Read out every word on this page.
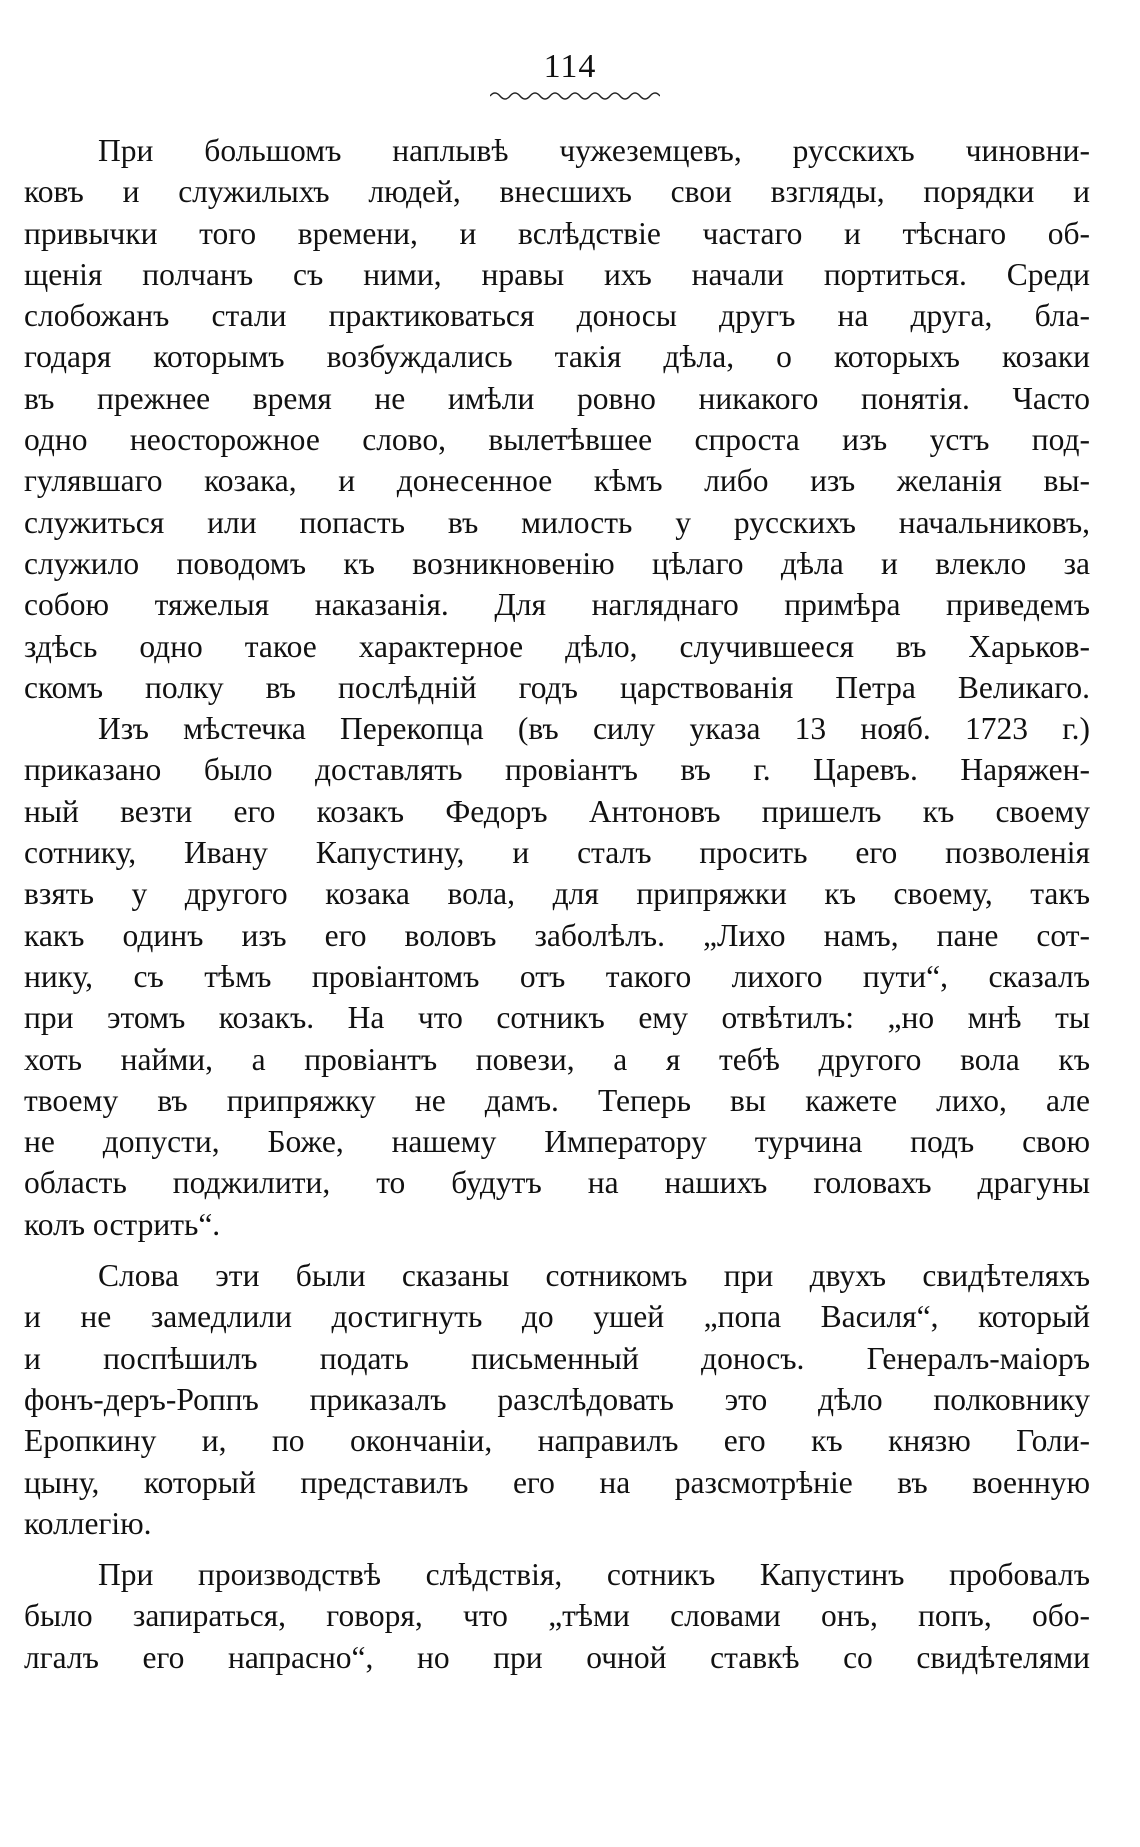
114
При большомъ наплывѣ чужеземцевъ, русскихъ чиновни-
ковъ и служилыхъ людей, внесшихъ свои взгляды, порядки и
привычки того времени, и вслѣдствіе частаго и тѣснаго об-
щенія полчанъ съ ними, нравы ихъ начали портиться. Среди
слобожанъ стали практиковаться доносы другъ на друга, бла-
годаря которымъ возбуждались такія дѣла, о которыхъ козаки
въ прежнее время не имѣли ровно никакого понятія. Часто
одно неосторожное слово, вылетѣвшее спроста изъ устъ под-
гулявшаго козака, и донесенное кѣмъ либо изъ желанія вы-
служиться или попасть въ милость у русскихъ начальниковъ,
служило поводомъ къ возникновенію цѣлаго дѣла и влекло за
собою тяжелыя наказанія. Для нагляднаго примѣра приведемъ
здѣсь одно такое характерное дѣло, случившееся въ Харьков-
скомъ полку въ послѣдній годъ царствованія Петра Великаго.
Изъ мѣстечка Перекопца (въ силу указа 13 нояб. 1723 г.)
приказано было доставлять провіантъ въ г. Царевъ. Наряжен-
ный везти его козакъ Федоръ Антоновъ пришелъ къ своему
сотнику, Ивану Капустину, и сталъ просить его позволенія
взять у другого козака вола, для припряжки къ своему, такъ
какъ одинъ изъ его воловъ заболѣлъ. „Лихо намъ, пане сот-
нику, съ тѣмъ провіантомъ отъ такого лихого пути“, сказалъ
при этомъ козакъ. На что сотникъ ему отвѣтилъ: „но мнѣ ты
хоть найми, а провіантъ повези, а я тебѣ другого вола къ
твоему въ припряжку не дамъ. Теперь вы кажете лихо, але
не допусти, Боже, нашему Императору турчина подъ свою
область поджилити, то будутъ на нашихъ головахъ драгуны
колъ острить“.
Слова эти были сказаны сотникомъ при двухъ свидѣтеляхъ
и не замедлили достигнуть до ушей „попа Василя“, который
и поспѣшилъ подать письменный доносъ. Генералъ-маіоръ
фонъ-деръ-Роппъ приказалъ разслѣдовать это дѣло полковнику
Еропкину и, по окончаніи, направилъ его къ князю Голи-
цыну, который представилъ его на разсмотрѣніе въ военную
коллегію.
При производствѣ слѣдствія, сотникъ Капустинъ пробовалъ
было запираться, говоря, что „тѣми словами онъ, попъ, обо-
лгалъ его напрасно“, но при очной ставкѣ со свидѣтелями
